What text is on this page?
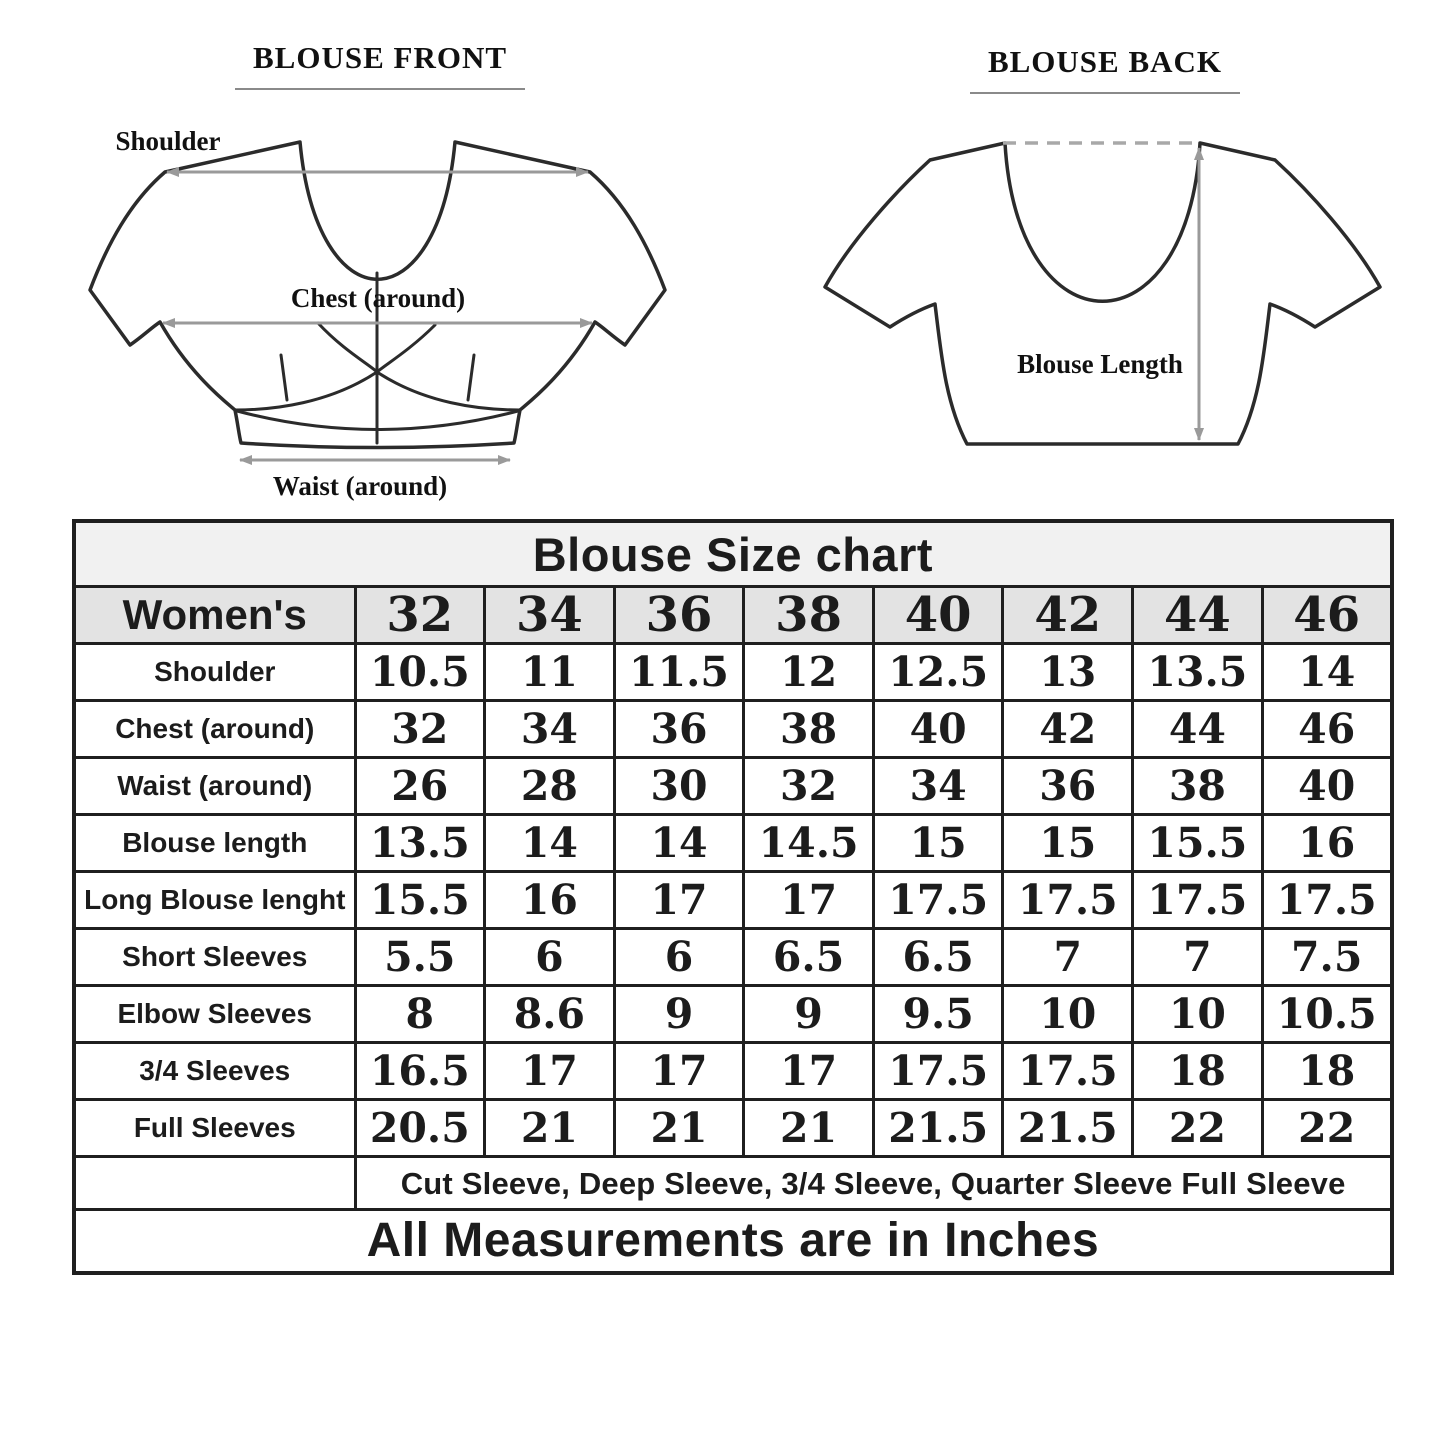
BLOUSE FRONT
Shoulder
Chest (around)
Waist (around)
BLOUSE BACK
Blouse Length
Blouse Size chart								
Women's	32	34	36	38	40	42	44	46
Shoulder	10.5	11	11.5	12	12.5	13	13.5	14
Chest (around)	32	34	36	38	40	42	44	46
Waist (around)	26	28	30	32	34	36	38	40
Blouse length	13.5	14	14	14.5	15	15	15.5	16
Long Blouse lenght	15.5	16	17	17	17.5	17.5	17.5	17.5
Short Sleeves	5.5	6	6	6.5	6.5	7	7	7.5
Elbow Sleeves	8	8.6	9	9	9.5	10	10	10.5
3/4 Sleeves	16.5	17	17	17	17.5	17.5	18	18
Full Sleeves	20.5	21	21	21	21.5	21.5	22	22
	Cut Sleeve, Deep Sleeve, 3/4 Sleeve, Quarter Sleeve Full Sleeve							
All Measurements are in Inches								
